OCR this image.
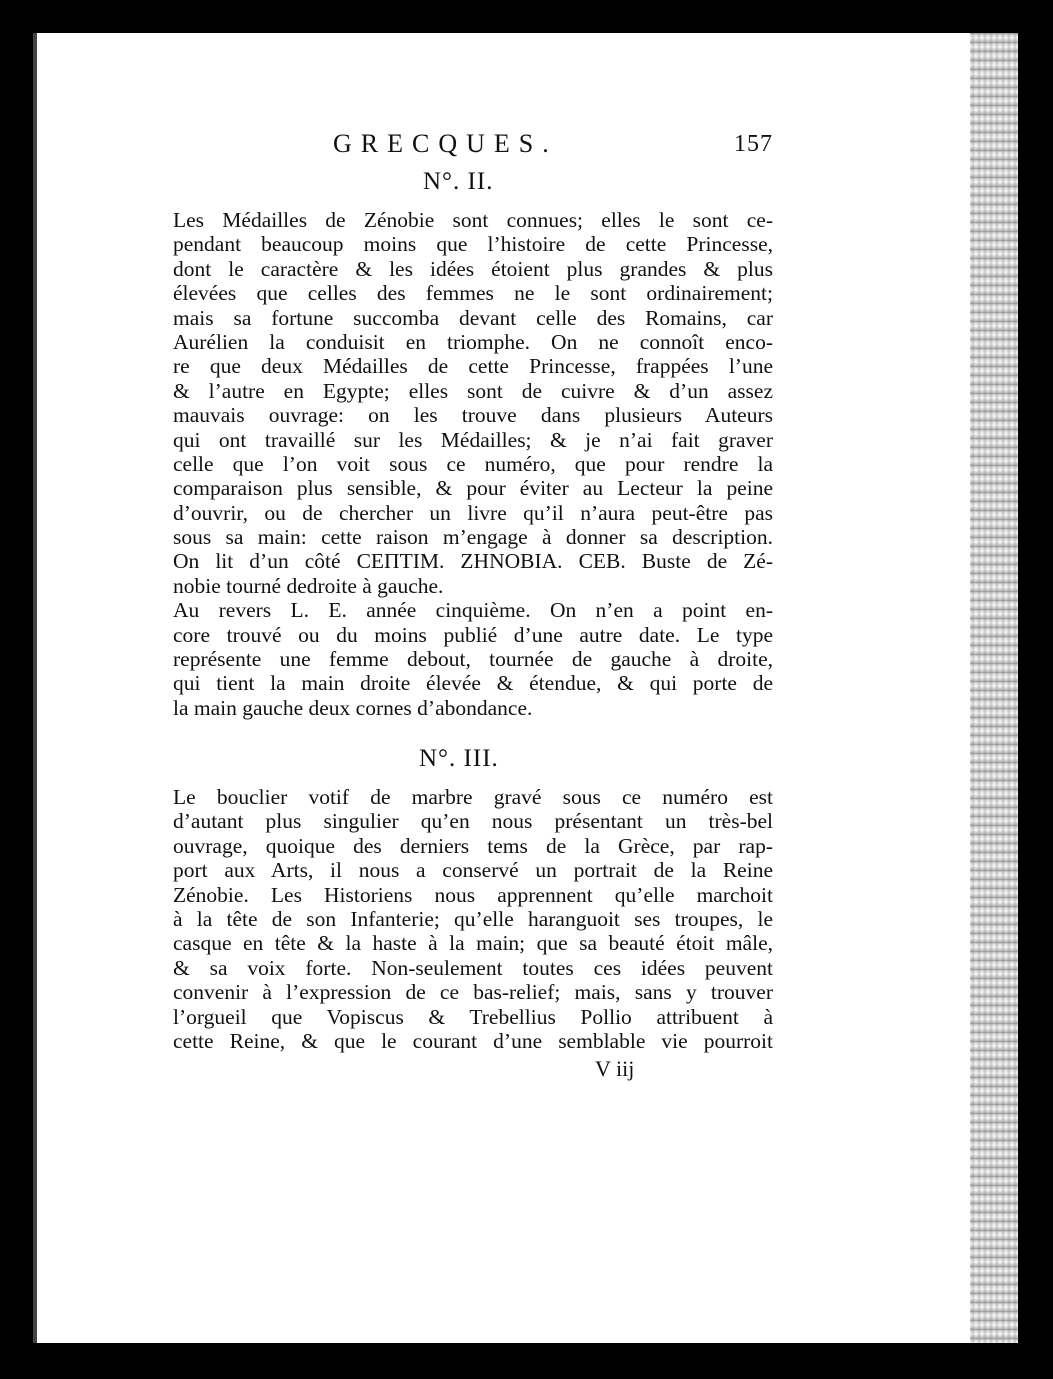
GRECQUES.	157
N°. II.
Les Médailles de Zénobie sont connues; elles le sont ce-
pendant beaucoup moins que l’histoire de cette Princesse,
dont le caractère & les idées étoient plus grandes & plus
élevées que celles des femmes ne le sont ordinairement;
mais sa fortune succomba devant celle des Romains, car
Aurélien la conduisit en triomphe. On ne connoît enco-
re que deux Médailles de cette Princesse, frappées l’une
& l’autre en Egypte; elles sont de cuivre & d’un assez
mauvais ouvrage: on les trouve dans plusieurs Auteurs
qui ont travaillé sur les Médailles; & je n’ai fait graver
celle que l’on voit sous ce numéro, que pour rendre la
comparaison plus sensible, & pour éviter au Lecteur la peine
d’ouvrir, ou de chercher un livre qu’il n’aura peut-être pas
sous sa main: cette raison m’engage à donner sa description.
On lit d’un côté CEΠTIM. ZHNOBIA. CEB. Buste de Zé-
nobie tourné dedroite à gauche.
Au revers L. E. année cinquième. On n’en a point en-
core trouvé ou du moins publié d’une autre date. Le type
représente une femme debout, tournée de gauche à droite,
qui tient la main droite élevée & étendue, & qui porte de
la main gauche deux cornes d’abondance.
N°. III.
Le bouclier votif de marbre gravé sous ce numéro est
d’autant plus singulier qu’en nous présentant un très-bel
ouvrage, quoique des derniers tems de la Grèce, par rap-
port aux Arts, il nous a conservé un portrait de la Reine
Zénobie. Les Historiens nous apprennent qu’elle marchoit
à la tête de son Infanterie; qu’elle haranguoit ses troupes, le
casque en tête & la haste à la main; que sa beauté étoit mâle,
& sa voix forte. Non-seulement toutes ces idées peuvent
convenir à l’expression de ce bas-relief; mais, sans y trouver
l’orgueil que Vopiscus & Trebellius Pollio attribuent à
cette Reine, & que le courant d’une semblable vie pourroit
V iij
